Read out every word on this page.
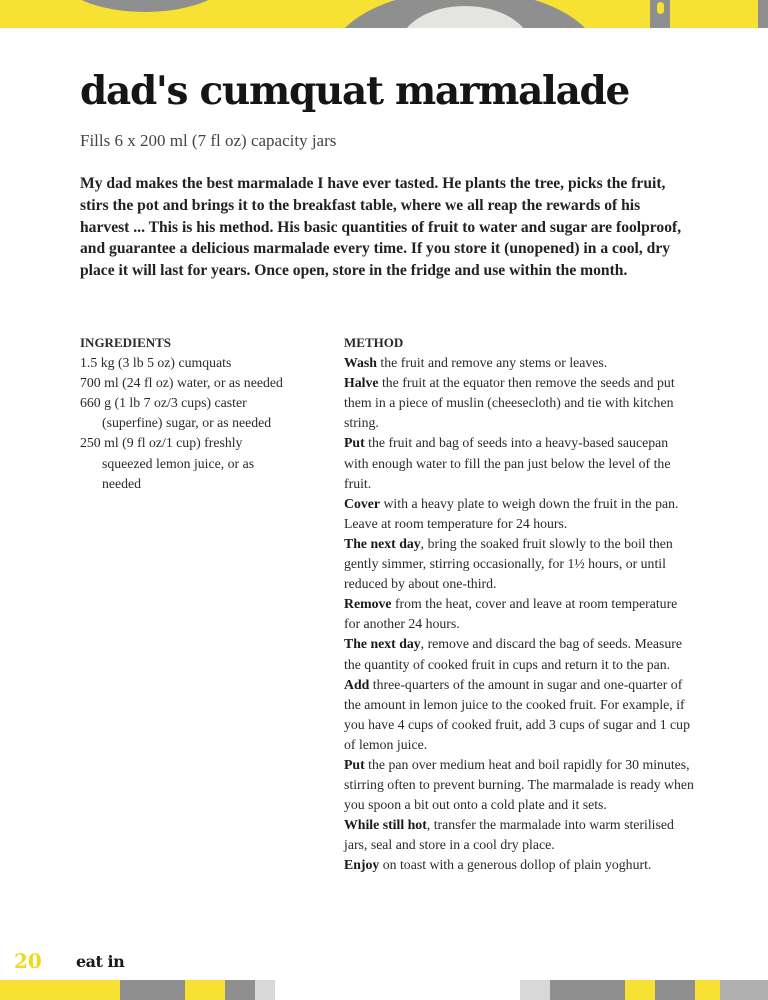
dad's cumquat marmalade
Fills 6 x 200 ml (7 fl oz) capacity jars

My dad makes the best marmalade I have ever tasted. He plants the tree, picks the fruit, stirs the pot and brings it to the breakfast table, where we all reap the rewards of his harvest ... This is his method. His basic quantities of fruit to water and sugar are foolproof, and guarantee a delicious marmalade every time. If you store it (unopened) in a cool, dry place it will last for years. Once open, store in the fridge and use within the month.

INGREDIENTS
1.5 kg (3 lb 5 oz) cumquats
700 ml (24 fl oz) water, or as needed
660 g (1 lb 7 oz/3 cups) caster (superfine) sugar, or as needed
250 ml (9 fl oz/1 cup) freshly squeezed lemon juice, or as needed
METHOD
Wash the fruit and remove any stems or leaves.
Halve the fruit at the equator then remove the seeds and put them in a piece of muslin (cheesecloth) and tie with kitchen string.
Put the fruit and bag of seeds into a heavy-based saucepan with enough water to fill the pan just below the level of the fruit.
Cover with a heavy plate to weigh down the fruit in the pan. Leave at room temperature for 24 hours.
The next day, bring the soaked fruit slowly to the boil then gently simmer, stirring occasionally, for 1½ hours, or until reduced by about one-third.
Remove from the heat, cover and leave at room temperature for another 24 hours.
The next day, remove and discard the bag of seeds. Measure the quantity of cooked fruit in cups and return it to the pan.
Add three-quarters of the amount in sugar and one-quarter of the amount in lemon juice to the cooked fruit. For example, if you have 4 cups of cooked fruit, add 3 cups of sugar and 1 cup of lemon juice.
Put the pan over medium heat and boil rapidly for 30 minutes, stirring often to prevent burning. The marmalade is ready when you spoon a bit out onto a cold plate and it sets.
While still hot, transfer the marmalade into warm sterilised jars, seal and store in a cool dry place.
Enjoy on toast with a generous dollop of plain yoghurt.
20 eat in
